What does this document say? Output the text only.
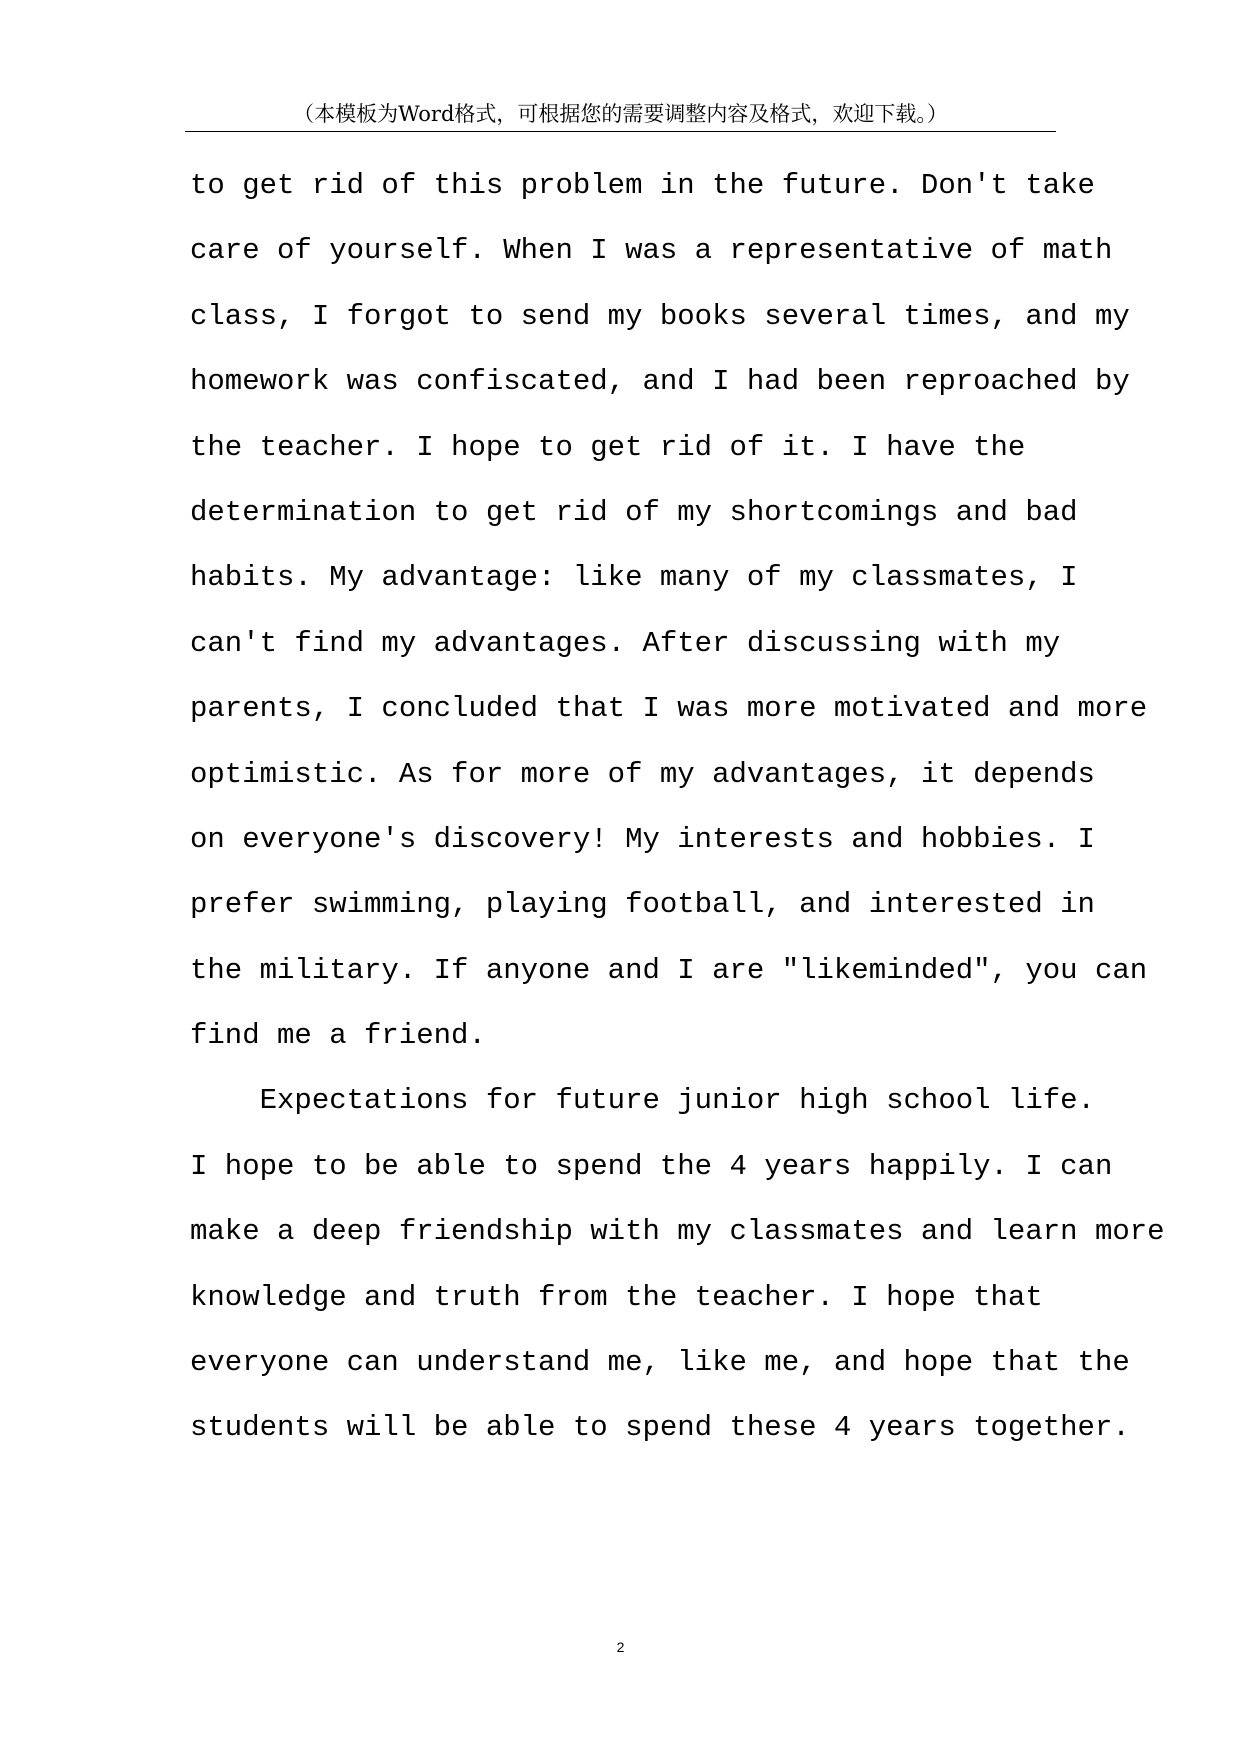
（本模板为Word格式，可根据您的需要调整内容及格式，欢迎下载。）
to get rid of this problem in the future. Don't take
care of yourself. When I was a representative of math
class, I forgot to send my books several times, and my
homework was confiscated, and I had been reproached by
the teacher. I hope to get rid of it. I have the
determination to get rid of my shortcomings and bad
habits. My advantage: like many of my classmates, I
can't find my advantages. After discussing with my
parents, I concluded that I was more motivated and more
optimistic. As for more of my advantages, it depends
on everyone's discovery! My interests and hobbies. I
prefer swimming, playing football, and interested in
the military. If anyone and I are "likeminded", you can
find me a friend.
Expectations for future junior high school life.
I hope to be able to spend the 4 years happily. I can
make a deep friendship with my classmates and learn more
knowledge and truth from the teacher. I hope that
everyone can understand me, like me, and hope that the
students will be able to spend these 4 years together.
2
